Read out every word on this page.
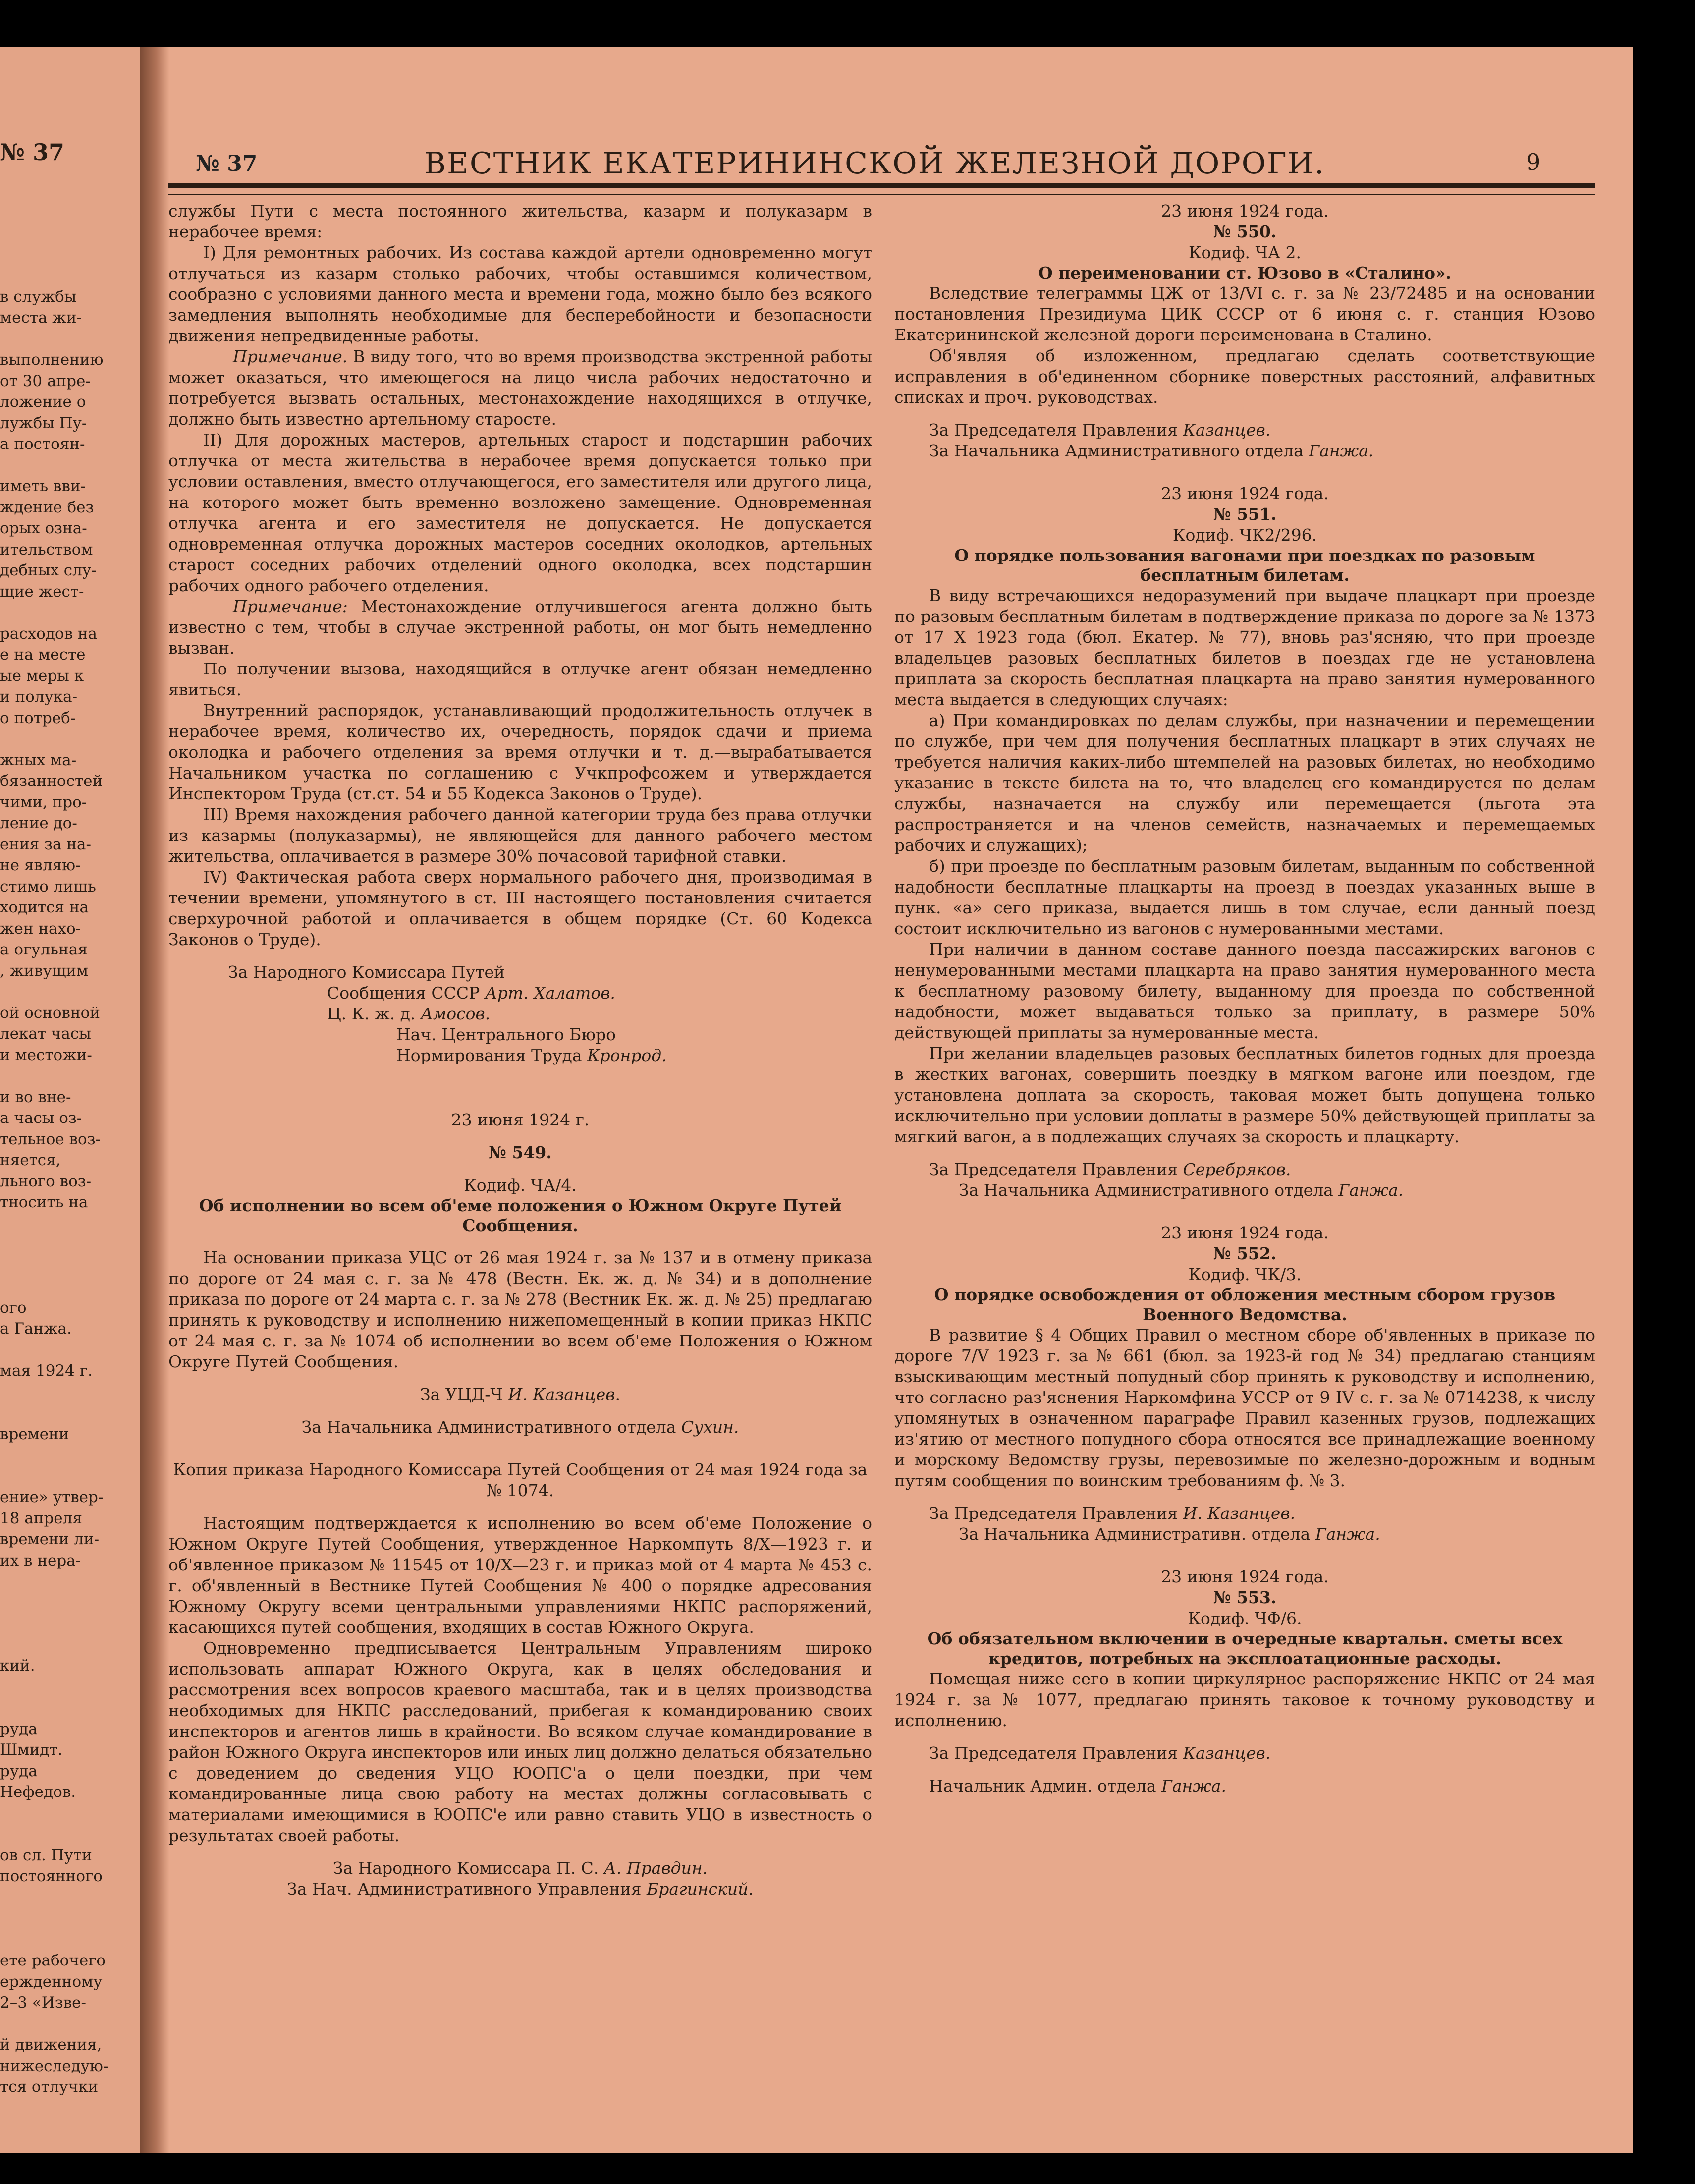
№ 37

в службы
места жи-

выполнению
от 30 апре-
ложение о
лужбы Пу-
а постоян-

иметь вви-
ждение без
орых озна-
ительством
дебных слу-
щие жест-

расходов на
е на месте
ые меры к
и полука-
о потреб-

жных ма-
бязанностей
чими, про-
ление до-
ения за на-
не являю-
стимо лишь
ходится на
жен нахо-
а огульная
, живущим

ой основной
лекат часы
и местожи-

и во вне-
а часы оз-
тельное воз-
няется,
льного воз-
тносить на

ого
а Ганжа.

мая 1924 г.

времени

ение» утвер-
18 апреля
времени ли-
их в нера-

кий.

руда
Шмидт.
руда
Нефедов.

ов сл. Пути
постоянного

ете рабочего
ержденному
2–3 «Изве-

й движения,
нижеследую-
тся отлучки
№ 37	ВЕСТНИК ЕКАТЕРИНИНСКОЙ ЖЕЛЕЗНОЙ ДОРОГИ.	9

службы Пути с места постоянного жительства, казарм и полуказарм в нерабочее время:

I) Для ремонтных рабочих. Из состава каждой артели одновременно могут отлучаться из казарм столько рабочих, чтобы оставшимся количеством, сообразно с условиями данного места и времени года, можно было без всякого замедления выполнять необходимые для бесперебойности и безопасности движения непредвиденные работы.

Примечание. В виду того, что во время производства экстренной работы может оказаться, что имеющегося на лицо числа рабочих недостаточно и потребуется вызвать остальных, местонахождение находящихся в отлучке, должно быть известно артельному старосте.

II) Для дорожных мастеров, артельных старост и подстаршин рабочих отлучка от места жительства в нерабочее время допускается только при условии оставления, вместо отлучающегося, его заместителя или другого лица, на которого может быть временно возложено замещение. Одновременная отлучка агента и его заместителя не допускается. Не допускается одновременная отлучка дорожных мастеров соседних околодков, артельных старост соседних рабочих отделений одного околодка, всех подстаршин рабочих одного рабочего отделения.

Примечание: Местонахождение отлучившегося агента должно быть известно с тем, чтобы в случае экстренной работы, он мог быть немедленно вызван.

По получении вызова, находящийся в отлучке агент обязан немедленно явиться.

Внутренний распорядок, устанавливающий продолжительность отлучек в нерабочее время, количество их, очередность, порядок сдачи и приема околодка и рабочего отделения за время отлучки и т. д.—вырабатывается Начальником участка по соглашению с Учкпрофсожем и утверждается Инспектором Труда (ст.ст. 54 и 55 Кодекса Законов о Труде).

III) Время нахождения рабочего данной категории труда без права отлучки из казармы (полуказармы), не являющейся для данного рабочего местом жительства, оплачивается в размере 30% почасовой тарифной ставки.

IV) Фактическая работа сверх нормального рабочего дня, производимая в течении времени, упомянутого в ст. III настоящего постановления считается сверхурочной работой и оплачивается в общем порядке (Ст. 60 Кодекса Законов о Труде).

За Народного Комиссара Путей

Сообщения СССР Арт. Халатов.

Ц. К. ж. д. Амосов.

Нач. Центрального Бюро

Нормирования Труда Кронрод.

23 июня 1924 г.

№ 549.

Кодиф. ЧА/4.

Об исполнении во всем об'еме положения о Южном Округе Путей Сообщения.

На основании приказа УЦС от 26 мая 1924 г. за № 137 и в отмену приказа по дороге от 24 мая с. г. за № 478 (Вестн. Ек. ж. д. № 34) и в дополнение приказа по дороге от 24 марта с. г. за № 278 (Вестник Ек. ж. д. № 25) предлагаю принять к руководству и исполнению нижепомещенный в копии приказ НКПС от 24 мая с. г. за № 1074 об исполнении во всем об'еме Положения о Южном Округе Путей Сообщения.

За УЦД-Ч И. Казанцев.

За Начальника Административного отдела Сухин.

Копия приказа Народного Комиссара Путей Сообщения от 24 мая 1924 года за № 1074.

Настоящим подтверждается к исполнению во всем об'еме Положение о Южном Округе Путей Сообщения, утвержденное Наркомпуть 8/X—1923 г. и об'явленное приказом № 11545 от 10/X—23 г. и приказ мой от 4 марта № 453 с. г. об'явленный в Вестнике Путей Сообщения № 400 о порядке адресования Южному Округу всеми центральными управлениями НКПС распоряжений, касающихся путей сообщения, входящих в состав Южного Округа.

Одновременно предписывается Центральным Управлениям широко использовать аппарат Южного Округа, как в целях обследования и рассмотрения всех вопросов краевого масштаба, так и в целях производства необходимых для НКПС расследований, прибегая к командированию своих инспекторов и агентов лишь в крайности. Во всяком случае командирование в район Южного Округа инспекторов или иных лиц должно делаться обязательно с доведением до сведения УЦО ЮОПС'а о цели поездки, при чем командированные лица свою работу на местах должны согласовывать с материалами имеющимися в ЮОПС'е или равно ставить УЦО в известность о результатах своей работы.

За Народного Комиссара П. С. А. Правдин.

За Нач. Административного Управления Брагинский.

23 июня 1924 года.

№ 550.

Кодиф. ЧА 2.

О переименовании ст. Юзово в «Сталино».

Вследствие телеграммы ЦЖ от 13/VI с. г. за № 23/72485 и на основании постановления Президиума ЦИК СССР от 6 июня с. г. станция Юзово Екатерининской железной дороги переименована в Сталино.

Об'являя об изложенном, предлагаю сделать соответствующие исправления в об'единенном сборнике поверстных расстояний, алфавитных списках и проч. руководствах.

За Председателя Правления Казанцев.

За Начальника Административного отдела Ганжа.

23 июня 1924 года.

№ 551.

Кодиф. ЧК2/296.

О порядке пользования вагонами при поездках по разовым бесплатным билетам.

В виду встречающихся недоразумений при выдаче плацкарт при проезде по разовым бесплатным билетам в подтверждение приказа по дороге за № 1373 от 17 X 1923 года (бюл. Екатер. № 77), вновь раз'ясняю, что при проезде владельцев разовых бесплатных билетов в поездах где не установлена приплата за скорость бесплатная плацкарта на право занятия нумерованного места выдается в следующих случаях:

а) При командировках по делам службы, при назначении и перемещении по службе, при чем для получения бесплатных плацкарт в этих случаях не требуется наличия каких-либо штемпелей на разовых билетах, но необходимо указание в тексте билета на то, что владелец его командируется по делам службы, назначается на службу или перемещается (льгота эта распространяется и на членов семейств, назначаемых и перемещаемых рабочих и служащих);

б) при проезде по бесплатным разовым билетам, выданным по собственной надобности бесплатные плацкарты на проезд в поездах указанных выше в пунк. «а» сего приказа, выдается лишь в том случае, если данный поезд состоит исключительно из вагонов с нумерованными местами.

При наличии в данном составе данного поезда пассажирских вагонов с ненумерованными местами плацкарта на право занятия нумерованного места к бесплатному разовому билету, выданному для проезда по собственной надобности, может выдаваться только за приплату, в размере 50% действующей приплаты за нумерованные места.

При желании владельцев разовых бесплатных билетов годных для проезда в жестких вагонах, совершить поездку в мягком вагоне или поездом, где установлена доплата за скорость, таковая может быть допущена только исключительно при условии доплаты в размере 50% действующей приплаты за мягкий вагон, а в подлежащих случаях за скорость и плацкарту.

За Председателя Правления Серебряков.

За Начальника Административного отдела Ганжа.

23 июня 1924 года.

№ 552.

Кодиф. ЧК/3.

О порядке освобождения от обложения местным сбором грузов Военного Ведомства.

В развитие § 4 Общих Правил о местном сборе об'явленных в приказе по дороге 7/V 1923 г. за № 661 (бюл. за 1923-й год № 34) предлагаю станциям взыскивающим местный попудный сбор принять к руководству и исполнению, что согласно раз'яснения Наркомфина УССР от 9 IV с. г. за № 0714238, к числу упомянутых в означенном параграфе Правил казенных грузов, подлежащих из'ятию от местного попудного сбора относятся все принадлежащие военному и морскому Ведомству грузы, перевозимые по железно-дорожным и водным путям сообщения по воинским требованиям ф. № 3.

За Председателя Правления И. Казанцев.

За Начальника Административн. отдела Ганжа.

23 июня 1924 года.

№ 553.

Кодиф. ЧФ/6.

Об обязательном включении в очередные квартальн. сметы всех кредитов, потребных на эксплоатационные расходы.

Помещая ниже сего в копии циркулярное распоряжение НКПС от 24 мая 1924 г. за № 1077, предлагаю принять таковое к точному руководству и исполнению.

За Председателя Правления Казанцев.

Начальник Админ. отдела Ганжа.
